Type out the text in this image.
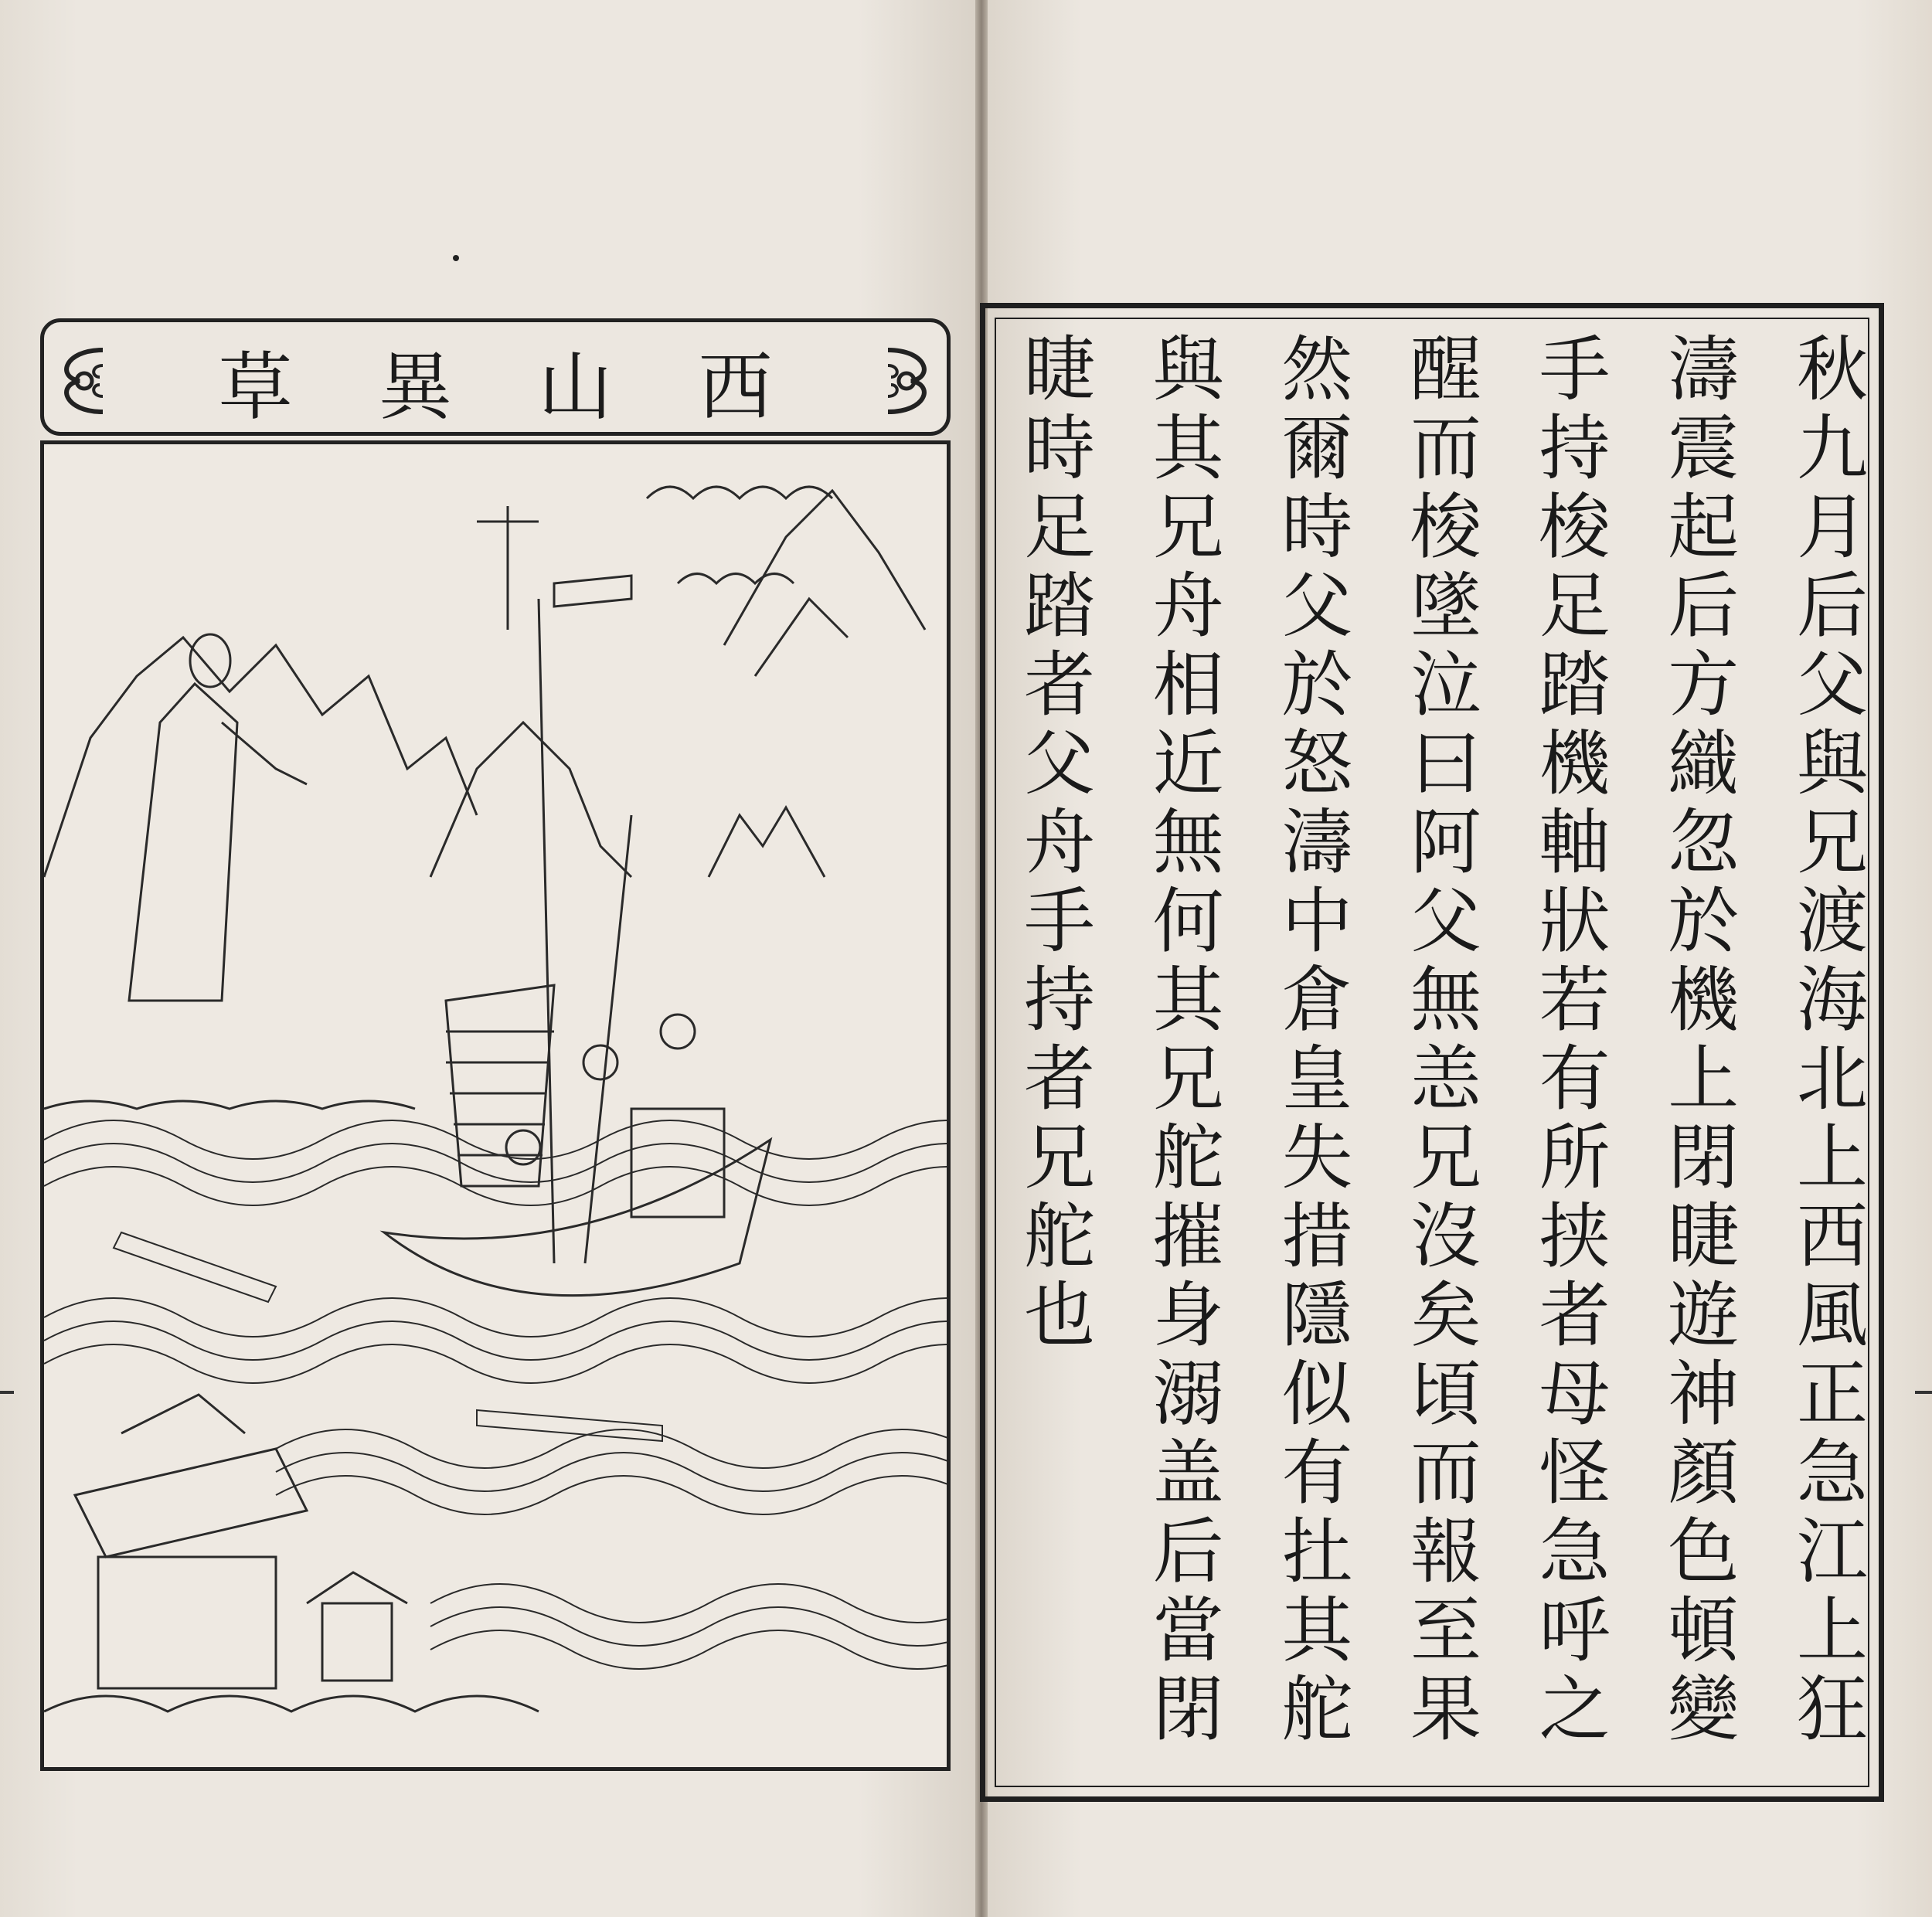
西
山
異
草	秋九月后父與兄渡海北上西風正急江上狂
濤震起后方織忽於機上閉睫遊神顏色頓變
手持梭足踏機軸狀若有所挟者母怪急呼之
醒而梭墜泣曰阿父無恙兄沒矣頃而報至果
然爾時父於怒濤中倉皇失措隱似有扗其舵
與其兄舟相近無何其兄舵摧身溺盖后當閉
睫時足踏者父舟手持者兄舵也
